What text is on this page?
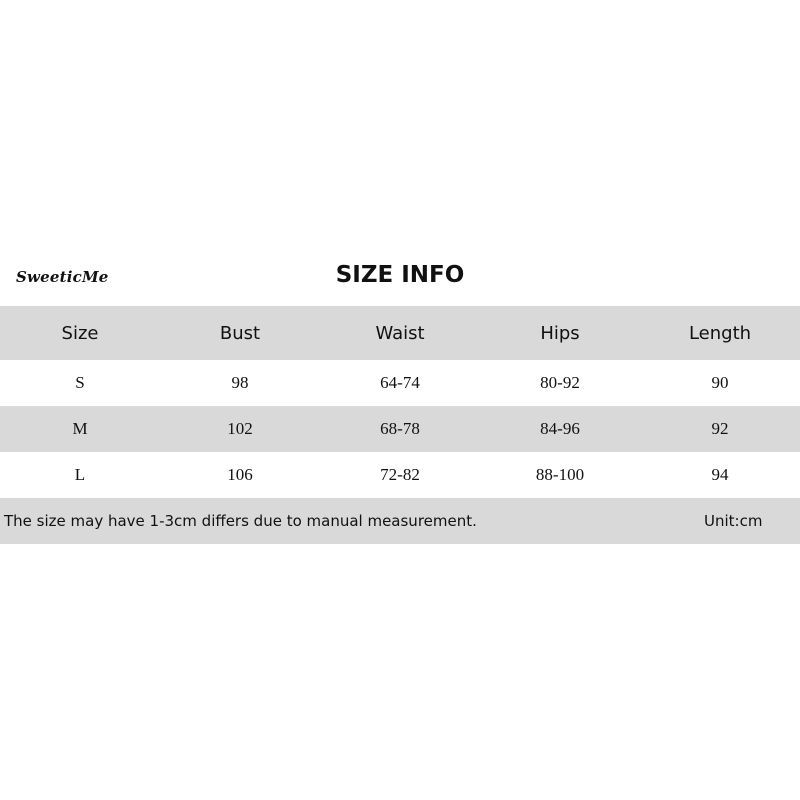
SweeticMe	SIZE INFO
Size	Bust	Waist	Hips	Length
S	98	64-74	80-92	90
M	102	68-78	84-96	92
L	106	72-82	88-100	94
The size may have 1-3cm differs due to manual measurement.	Unit:cm
